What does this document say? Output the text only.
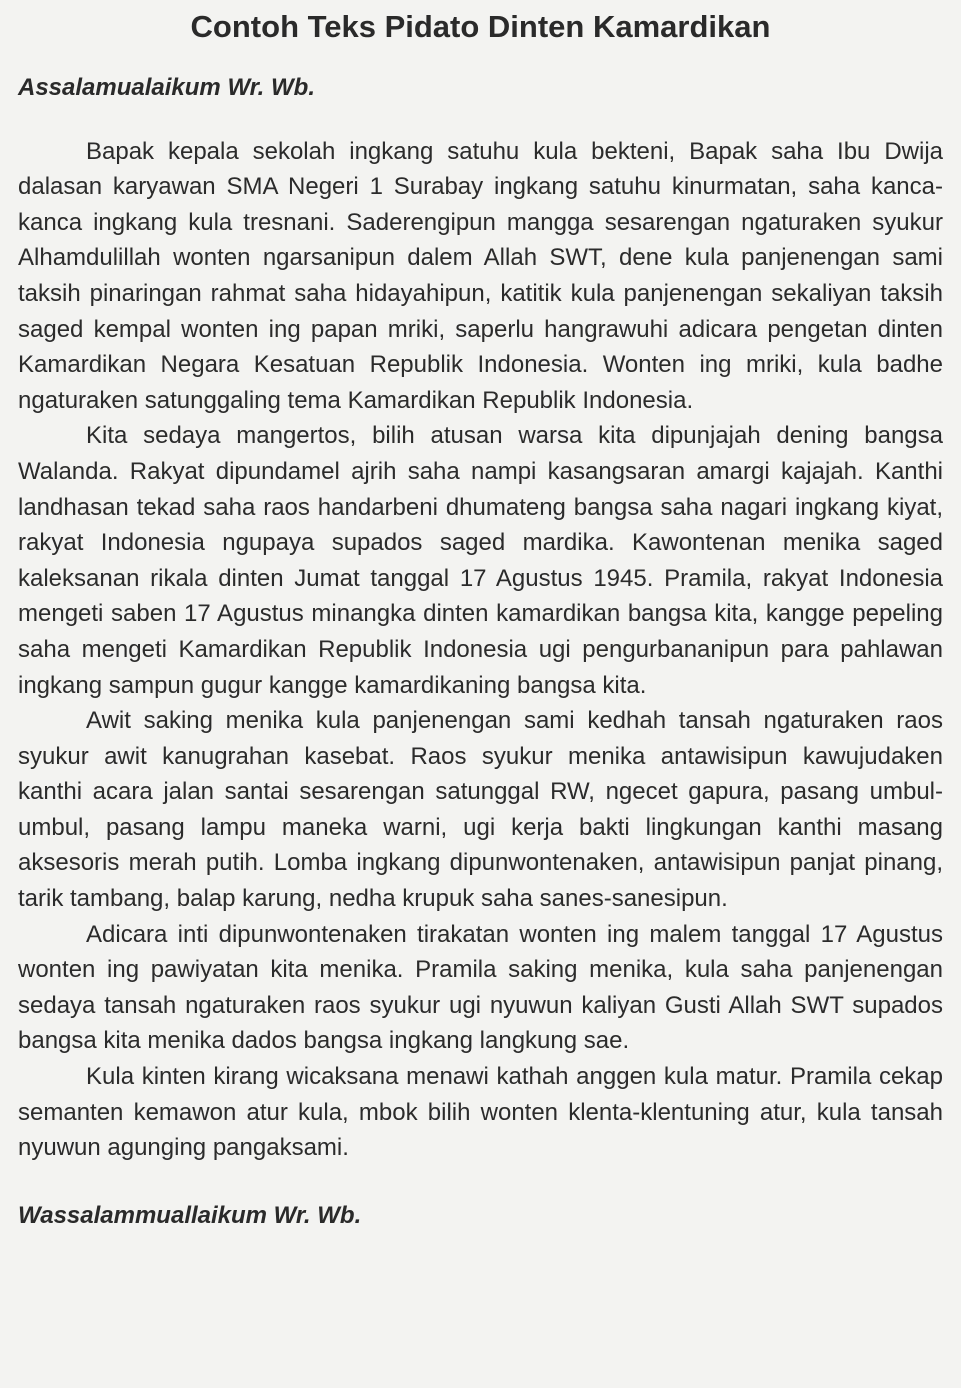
Contoh Teks Pidato Dinten Kamardikan

Assalamualaikum Wr. Wb.

Bapak kepala sekolah ingkang satuhu kula bekteni, Bapak saha Ibu Dwija dalasan karyawan SMA Negeri 1 Surabay ingkang satuhu kinurmatan, saha kanca-kanca ingkang kula tresnani. Saderengipun mangga sesarengan ngaturaken syukur Alhamdulillah wonten ngarsanipun dalem Allah SWT, dene kula panjenengan sami taksih pinaringan rahmat saha hidayahipun, katitik kula panjenengan sekaliyan taksih saged kempal wonten ing papan mriki, saperlu hangrawuhi adicara pengetan dinten Kamardikan Negara Kesatuan Republik Indonesia. Wonten ing mriki, kula badhe ngaturaken satunggaling tema Kamardikan Republik Indonesia.

Kita sedaya mangertos, bilih atusan warsa kita dipunjajah dening bangsa Walanda. Rakyat dipundamel ajrih saha nampi kasangsaran amargi kajajah. Kanthi landhasan tekad saha raos handarbeni dhumateng bangsa saha nagari ingkang kiyat, rakyat Indonesia ngupaya supados saged mardika. Kawontenan menika saged kaleksanan rikala dinten Jumat tanggal 17 Agustus 1945. Pramila, rakyat Indonesia mengeti saben 17 Agustus minangka dinten kamardikan bangsa kita, kangge pepeling saha mengeti Kamardikan Republik Indonesia ugi pengurbananipun para pahlawan ingkang sampun gugur kangge kamardikaning bangsa kita.

Awit saking menika kula panjenengan sami kedhah tansah ngaturaken raos syukur awit kanugrahan kasebat. Raos syukur menika antawisipun kawujudaken kanthi acara jalan santai sesarengan satunggal RW, ngecet gapura, pasang umbul-umbul, pasang lampu maneka warni, ugi kerja bakti lingkungan kanthi masang aksesoris merah putih. Lomba ingkang dipunwontenaken, antawisipun panjat pinang, tarik tambang, balap karung, nedha krupuk saha sanes-sanesipun.

Adicara inti dipunwontenaken tirakatan wonten ing malem tanggal 17 Agustus wonten ing pawiyatan kita menika. Pramila saking menika, kula saha panjenengan sedaya tansah ngaturaken raos syukur ugi nyuwun kaliyan Gusti Allah SWT supados bangsa kita menika dados bangsa ingkang langkung sae.

Kula kinten kirang wicaksana menawi kathah anggen kula matur. Pramila cekap semanten kemawon atur kula, mbok bilih wonten klenta-klentuning atur, kula tansah nyuwun agunging pangaksami.

Wassalammuallaikum Wr. Wb.
